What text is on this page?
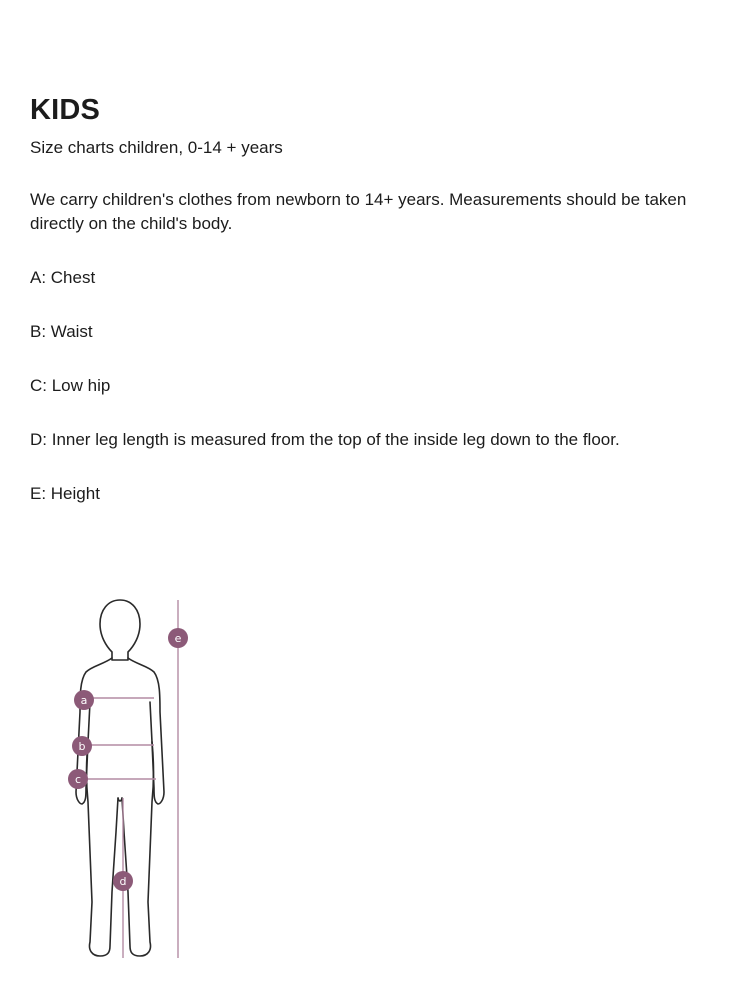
KIDS

Size charts children, 0-14 + years

We carry children's clothes from newborn to 14+ years. Measurements should be taken directly on the child's body.

A: Chest

B: Waist

C: Low hip

D: Inner leg length is measured from the top of the inside leg down to the floor.

E: Height

a
b
c
d
e
